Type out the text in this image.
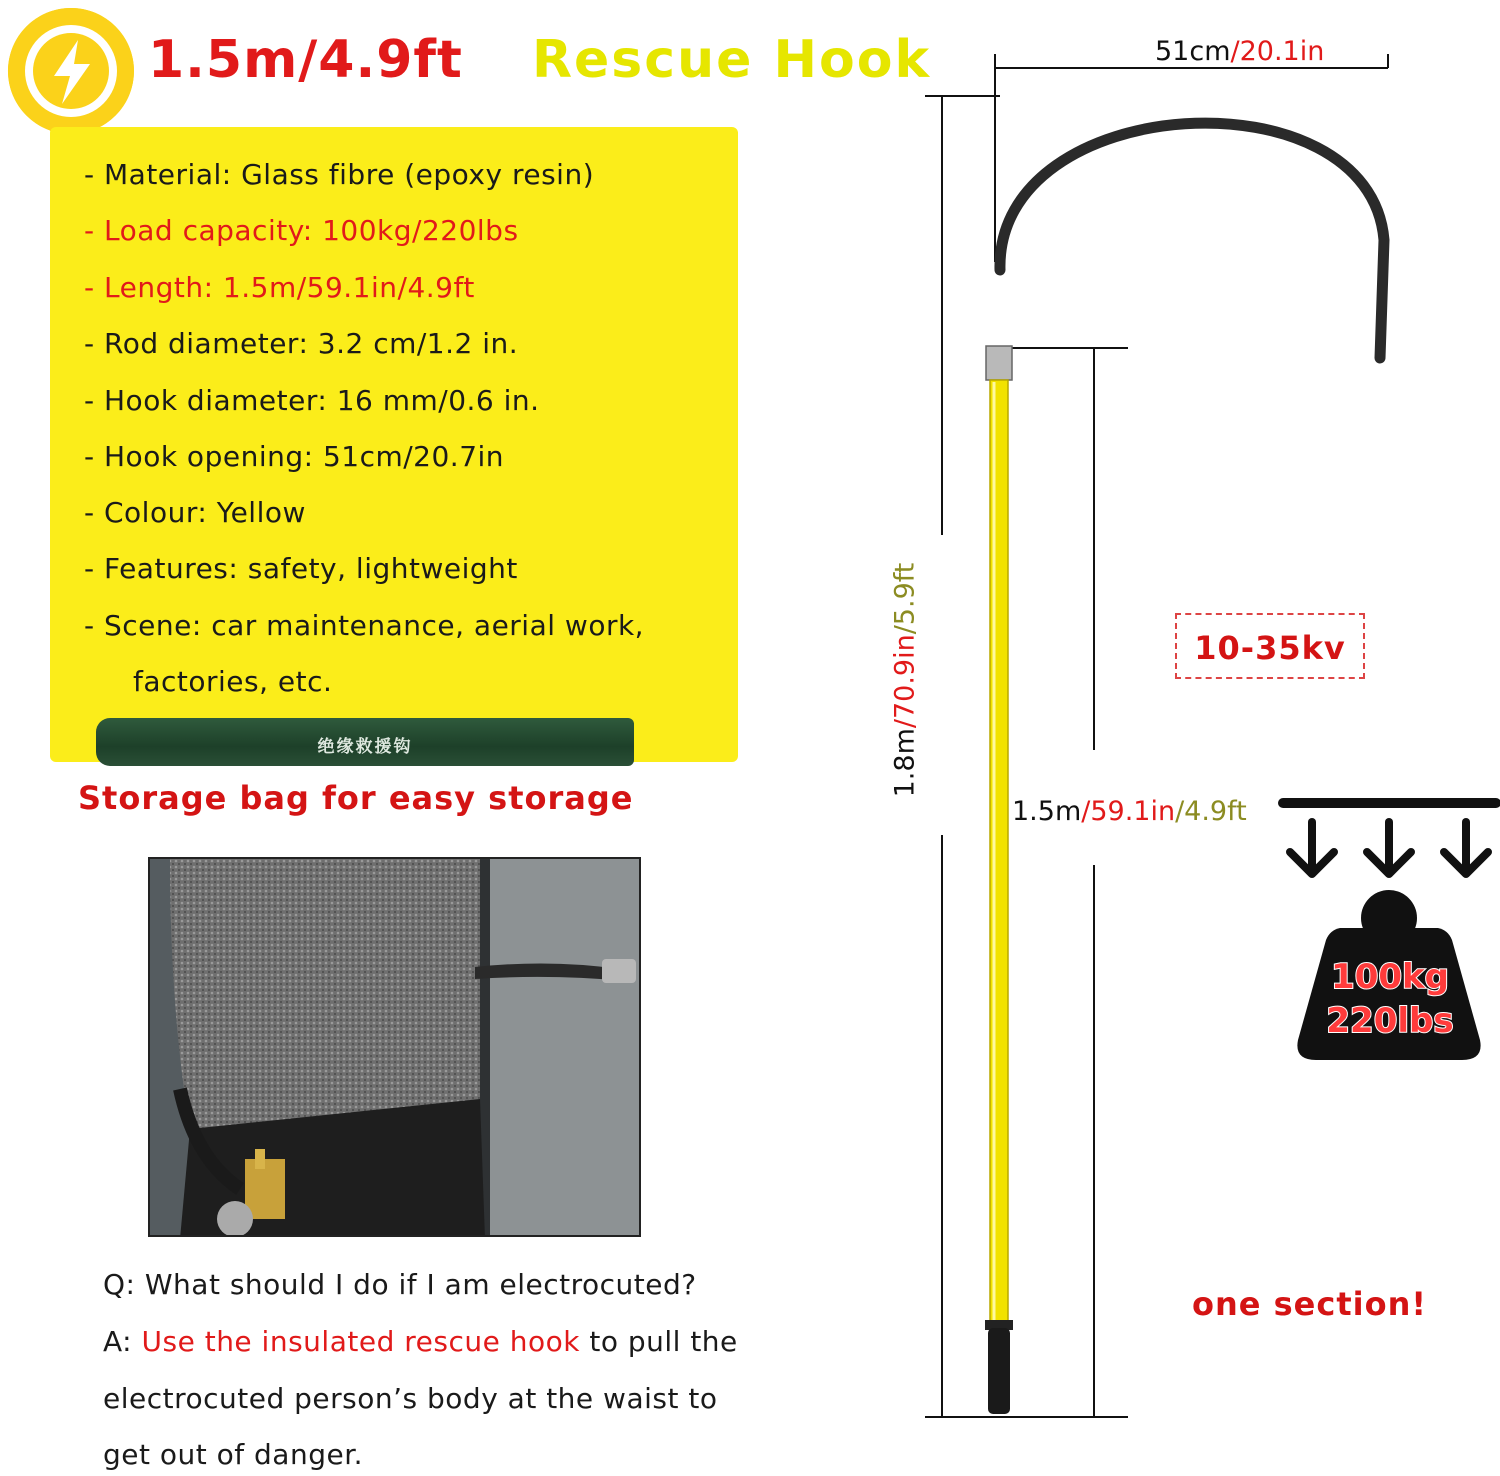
1.5m/4.9ft Rescue Hook
- Material: Glass fibre (epoxy resin)
- Load capacity: 100kg/220lbs
- Length: 1.5m/59.1in/4.9ft
- Rod diameter: 3.2 cm/1.2 in.
- Hook diameter: 16 mm/0.6 in.
- Hook opening: 51cm/20.7in
- Colour: Yellow
- Features: safety, lightweight
- Scene: car maintenance, aerial work,
factories, etc.
绝缘救援钩
Storage bag for easy storage
Q: What should I do if I am electrocuted?
A: Use the insulated rescue hook to pull the
electrocuted person’s body at the waist to
get out of danger.
100kg
220lbs
51cm/20.1in
1.8m/70.9in/5.9ft
1.5m/59.1in/4.9ft
10-35kv
one section!
